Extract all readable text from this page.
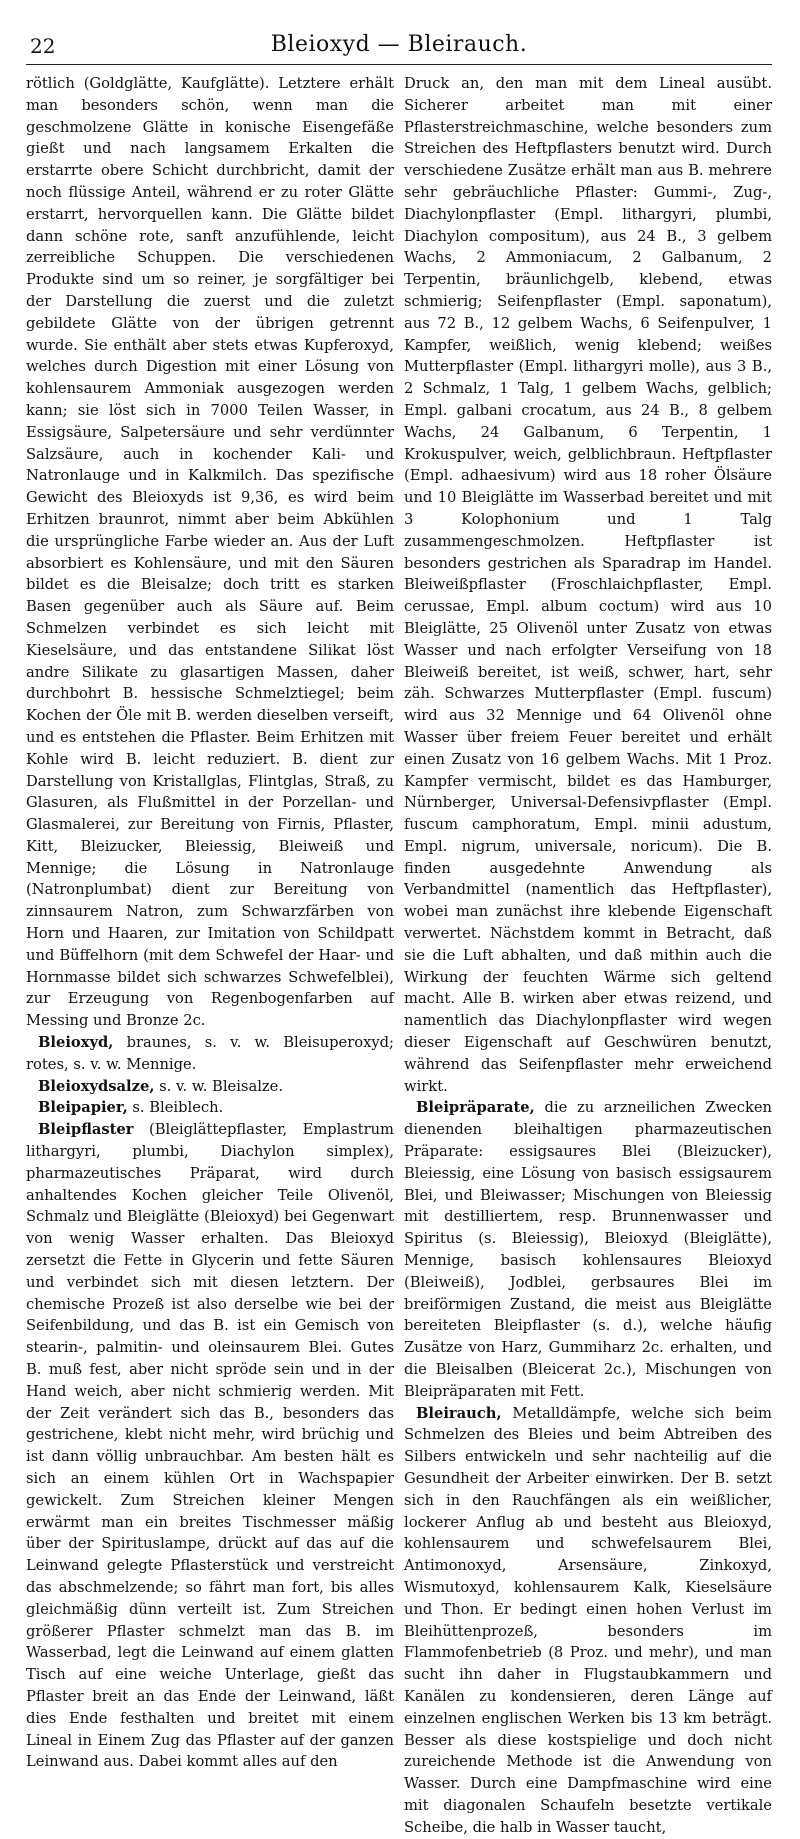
22	Bleioxyd — Bleirauch.

rötlich (Goldglätte, Kaufglätte). Letztere erhält man besonders schön, wenn man die geschmolzene Glätte in konische Eisengefäße gießt und nach langsamem Erkalten die erstarrte obere Schicht durchbricht, damit der noch flüssige Anteil, während er zu roter Glätte erstarrt, hervorquellen kann. Die Glätte bildet dann schöne rote, sanft anzufühlende, leicht zerreibliche Schuppen. Die verschiedenen Produkte sind um so reiner, je sorgfältiger bei der Darstellung die zuerst und die zuletzt gebildete Glätte von der übrigen getrennt wurde. Sie enthält aber stets etwas Kupferoxyd, welches durch Digestion mit einer Lösung von kohlensaurem Ammoniak ausgezogen werden kann; sie löst sich in 7000 Teilen Wasser, in Essigsäure, Salpetersäure und sehr verdünnter Salzsäure, auch in kochender Kali- und Natronlauge und in Kalkmilch. Das spezifische Gewicht des Bleioxyds ist 9,36, es wird beim Erhitzen braunrot, nimmt aber beim Abkühlen die ursprüngliche Farbe wieder an. Aus der Luft absorbiert es Kohlensäure, und mit den Säuren bildet es die Bleisalze; doch tritt es starken Basen gegenüber auch als Säure auf. Beim Schmelzen verbindet es sich leicht mit Kieselsäure, und das entstandene Silikat löst andre Silikate zu glasartigen Massen, daher durchbohrt B. hessische Schmelztiegel; beim Kochen der Öle mit B. werden dieselben verseift, und es entstehen die Pflaster. Beim Erhitzen mit Kohle wird B. leicht reduziert. B. dient zur Darstellung von Kristallglas, Flintglas, Straß, zu Glasuren, als Flußmittel in der Porzellan- und Glasmalerei, zur Bereitung von Firnis, Pflaster, Kitt, Bleizucker, Bleiessig, Bleiweiß und Mennige; die Lösung in Natronlauge (Natronplumbat) dient zur Bereitung von zinnsaurem Natron, zum Schwarzfärben von Horn und Haaren, zur Imitation von Schildpatt und Büffelhorn (mit dem Schwefel der Haar- und Hornmasse bildet sich schwarzes Schwefelblei), zur Erzeugung von Regenbogenfarben auf Messing und Bronze 2c.

Bleioxyd, braunes, s. v. w. Bleisuperoxyd; rotes, s. v. w. Mennige.

Bleioxydsalze, s. v. w. Bleisalze.

Bleipapier, s. Bleiblech.

Bleipflaster (Bleiglättepflaster, Emplastrum lithargyri, plumbi, Diachylon simplex), pharmazeutisches Präparat, wird durch anhaltendes Kochen gleicher Teile Olivenöl, Schmalz und Bleiglätte (Bleioxyd) bei Gegenwart von wenig Wasser erhalten. Das Bleioxyd zersetzt die Fette in Glycerin und fette Säuren und verbindet sich mit diesen letztern. Der chemische Prozeß ist also derselbe wie bei der Seifenbildung, und das B. ist ein Gemisch von stearin-, palmitin- und oleinsaurem Blei. Gutes B. muß fest, aber nicht spröde sein und in der Hand weich, aber nicht schmierig werden. Mit der Zeit verändert sich das B., besonders das gestrichene, klebt nicht mehr, wird brüchig und ist dann völlig unbrauchbar. Am besten hält es sich an einem kühlen Ort in Wachspapier gewickelt. Zum Streichen kleiner Mengen erwärmt man ein breites Tischmesser mäßig über der Spirituslampe, drückt auf das auf die Leinwand gelegte Pflasterstück und verstreicht das abschmelzende; so fährt man fort, bis alles gleichmäßig dünn verteilt ist. Zum Streichen größerer Pflaster schmelzt man das B. im Wasserbad, legt die Leinwand auf einem glatten Tisch auf eine weiche Unterlage, gießt das Pflaster breit an das Ende der Leinwand, läßt dies Ende festhalten und breitet mit einem Lineal in Einem Zug das Pflaster auf der ganzen Leinwand aus. Dabei kommt alles auf den

Druck an, den man mit dem Lineal ausübt. Sicherer arbeitet man mit einer Pflasterstreichmaschine, welche besonders zum Streichen des Heftpflasters benutzt wird. Durch verschiedene Zusätze erhält man aus B. mehrere sehr gebräuchliche Pflaster: Gummi-, Zug-, Diachylonpflaster (Empl. lithargyri, plumbi, Diachylon compositum), aus 24 B., 3 gelbem Wachs, 2 Ammoniacum, 2 Galbanum, 2 Terpentin, bräunlichgelb, klebend, etwas schmierig; Seifenpflaster (Empl. saponatum), aus 72 B., 12 gelbem Wachs, 6 Seifenpulver, 1 Kampfer, weißlich, wenig klebend; weißes Mutterpflaster (Empl. lithargyri molle), aus 3 B., 2 Schmalz, 1 Talg, 1 gelbem Wachs, gelblich; Empl. galbani crocatum, aus 24 B., 8 gelbem Wachs, 24 Galbanum, 6 Terpentin, 1 Krokuspulver, weich, gelblichbraun. Heftpflaster (Empl. adhaesivum) wird aus 18 roher Ölsäure und 10 Bleiglätte im Wasserbad bereitet und mit 3 Kolophonium und 1 Talg zusammengeschmolzen. Heftpflaster ist besonders gestrichen als Sparadrap im Handel. Bleiweißpflaster (Froschlaichpflaster, Empl. cerussae, Empl. album coctum) wird aus 10 Bleiglätte, 25 Olivenöl unter Zusatz von etwas Wasser und nach erfolgter Verseifung von 18 Bleiweiß bereitet, ist weiß, schwer, hart, sehr zäh. Schwarzes Mutterpflaster (Empl. fuscum) wird aus 32 Mennige und 64 Olivenöl ohne Wasser über freiem Feuer bereitet und erhält einen Zusatz von 16 gelbem Wachs. Mit 1 Proz. Kampfer vermischt, bildet es das Hamburger, Nürnberger, Universal-Defensivpflaster (Empl. fuscum camphoratum, Empl. minii adustum, Empl. nigrum, universale, noricum). Die B. finden ausgedehnte Anwendung als Verbandmittel (namentlich das Heftpflaster), wobei man zunächst ihre klebende Eigenschaft verwertet. Nächstdem kommt in Betracht, daß sie die Luft abhalten, und daß mithin auch die Wirkung der feuchten Wärme sich geltend macht. Alle B. wirken aber etwas reizend, und namentlich das Diachylonpflaster wird wegen dieser Eigenschaft auf Geschwüren benutzt, während das Seifenpflaster mehr erweichend wirkt.

Bleipräparate, die zu arzneilichen Zwecken dienenden bleihaltigen pharmazeutischen Präparate: essigsaures Blei (Bleizucker), Bleiessig, eine Lösung von basisch essigsaurem Blei, und Bleiwasser; Mischungen von Bleiessig mit destilliertem, resp. Brunnenwasser und Spiritus (s. Bleiessig), Bleioxyd (Bleiglätte), Mennige, basisch kohlensaures Bleioxyd (Bleiweiß), Jodblei, gerbsaures Blei im breiförmigen Zustand, die meist aus Bleiglätte bereiteten Bleipflaster (s. d.), welche häufig Zusätze von Harz, Gummiharz 2c. erhalten, und die Bleisalben (Bleicerat 2c.), Mischungen von Bleipräparaten mit Fett.

Bleirauch, Metalldämpfe, welche sich beim Schmelzen des Bleies und beim Abtreiben des Silbers entwickeln und sehr nachteilig auf die Gesundheit der Arbeiter einwirken. Der B. setzt sich in den Rauchfängen als ein weißlicher, lockerer Anflug ab und besteht aus Bleioxyd, kohlensaurem und schwefelsaurem Blei, Antimonoxyd, Arsensäure, Zinkoxyd, Wismutoxyd, kohlensaurem Kalk, Kieselsäure und Thon. Er bedingt einen hohen Verlust im Bleihüttenprozeß, besonders im Flammofenbetrieb (8 Proz. und mehr), und man sucht ihn daher in Flugstaubkammern und Kanälen zu kondensieren, deren Länge auf einzelnen englischen Werken bis 13 km beträgt. Besser als diese kostspielige und doch nicht zureichende Methode ist die Anwendung von Wasser. Durch eine Dampfmaschine wird eine mit diagonalen Schaufeln besetzte vertikale Scheibe, die halb in Wasser taucht,
